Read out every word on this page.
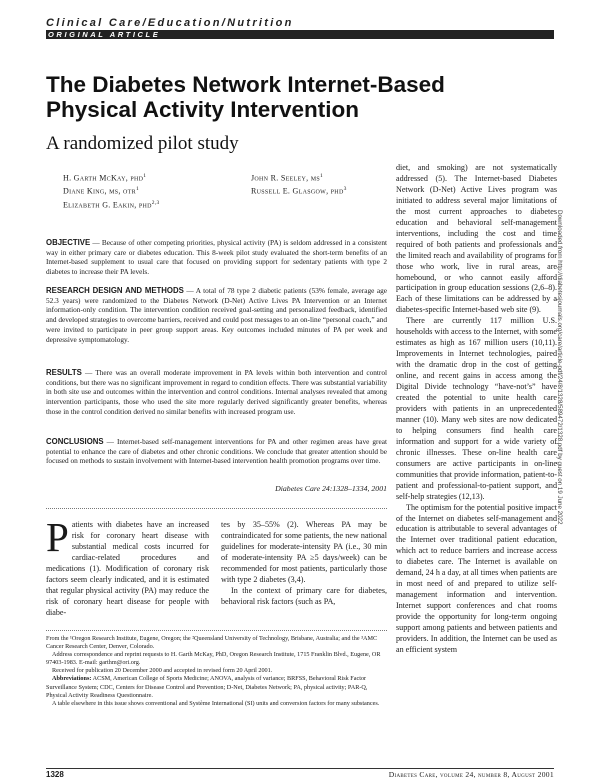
Clinical Care/Education/Nutrition
ORIGINAL ARTICLE
The Diabetes Network Internet-Based
Physical Activity Intervention
A randomized pilot study
H. Garth McKay, phd$^1$
Diane King, ms, otr$^1$
Elizabeth G. Eakin, phd$^{2,3}$
John R. Seeley, $ms^1$
Russell E. Glasgow, phd$^3$
OBJECTIVE — Because of other competing priorities, physical activity (PA) is seldom addressed in a consistent way in either primary care or diabetes education. This 8-week pilot study evaluated the short-term benefits of an Internet-based supplement to usual care that focused on providing support for sedentary patients with type 2 diabetes to increase their PA levels.
RESEARCH DESIGN AND METHODS — A total of 78 type 2 diabetic patients (53% female, average age 52.3 years) were randomized to the Diabetes Network (D-Net) Active Lives PA Intervention or an Internet information-only condition. The intervention condition received goal-setting and personalized feedback, identified and developed strategies to overcome barriers, received and could post messages to an on-line “personal coach,” and were invited to participate in peer group support areas. Key outcomes included minutes of PA per week and depressive symptomatology.
RESULTS — There was an overall moderate improvement in PA levels within both intervention and control conditions, but there was no significant improvement in regard to condition effects. There was substantial variability in both site use and outcomes within the intervention and control conditions. Internal analyses revealed that among intervention participants, those who used the site more regularly derived significantly greater benefits, whereas those in the control condition derived no similar benefits with increased program use.
CONCLUSIONS — Internet-based self-management interventions for PA and other regimen areas have great potential to enhance the care of diabetes and other chronic conditions. We conclude that greater attention should be focused on methods to sustain involvement with Internet-based intervention health promotion programs over time.
Diabetes Care 24:1328–1334, 2001
Patients with diabetes have an increased risk for coronary heart disease with substantial medical costs incurred for cardiac-related procedures and medications (1). Modification of coronary risk factors seem clearly indicated, and it is estimated that regular physical activity (PA) may reduce the risk of coronary heart disease for people with diabe-
tes by 35–55% (2). Whereas PA may be contraindicated for some patients, the new national guidelines for moderate-intensity PA (i.e., 30 min of moderate-intensity PA ≥5 days/week) can be recommended for most patients, particularly those with type 2 diabetes (3,4).
In the context of primary care for diabetes, behavioral risk factors (such as PA,
diet, and smoking) are not systematically addressed (5). The Internet-based Diabetes Network (D-Net) Active Lives program was initiated to address several major limitations of the most current approaches to diabetes education and behavioral self-management interventions, including the cost and time required of both patients and professionals and the limited reach and availability of programs for those who work, live in rural areas, are homebound, or who cannot easily afford participation in group education sessions (2,6–8). Each of these limitations can be addressed by a diabetes-specific Internet-based web site (9).
There are currently 117 million U.S. households with access to the Internet, with some estimates as high as 167 million users (10,11). Improvements in Internet technologies, paired with the dramatic drop in the cost of getting online, and recent gains in access among the Digital Divide technology “have-not’s” have created the potential to unite health care providers with patients in an unprecedented manner (10). Many web sites are now dedicated to helping consumers find health care information and support for a wide variety of chronic illnesses. These on-line health care consumers are active participants in on-line communities that provide information, patient-to-patient and professional-to-patient support, and self-help strategies (12,13).
The optimism for the potential positive impact of the Internet on diabetes self-management and education is attributable to several advantages of the Internet over traditional patient education, which act to reduce barriers and increase access to diabetes care. The Internet is available on demand, 24 h a day, at all times when patients are in most need of and prepared to utilize self-management information and intervention. Internet support conferences and chat rooms provide the opportunity for long-term ongoing support among patients and between patients and providers. In addition, the Internet can be used as an efficient system

From the ¹Oregon Research Institute, Eugene, Oregon; the ²Queensland University of Technology, Brisbane, Australia; and the ³AMC Cancer Research Center, Denver, Colorado.

Address correspondence and reprint requests to H. Garth McKay, PhD, Oregon Research Institute, 1715 Franklin Blvd., Eugene, OR 97403-1983. E-mail: garthm@ori.org.

Received for publication 20 December 2000 and accepted in revised form 20 April 2001.

Abbreviations: ACSM, American College of Sports Medicine; ANOVA, analysis of variance; BRFSS, Behavioral Risk Factor Surveillance System; CDC, Centers for Disease Control and Prevention; D-Net, Diabetes Network; PA, physical activity; PAR-Q, Physical Activity Readiness Questionnaire.

A table elsewhere in this issue shows conventional and Système International (SI) units and conversion factors for many substances.

1328	Diabetes Care, volume 24, number 8, August 2001
Downloaded from http://diabetesjournals.org/care/article-pdf/24/8/1328/589472/1328.pdf by guest on 19 June 2022
